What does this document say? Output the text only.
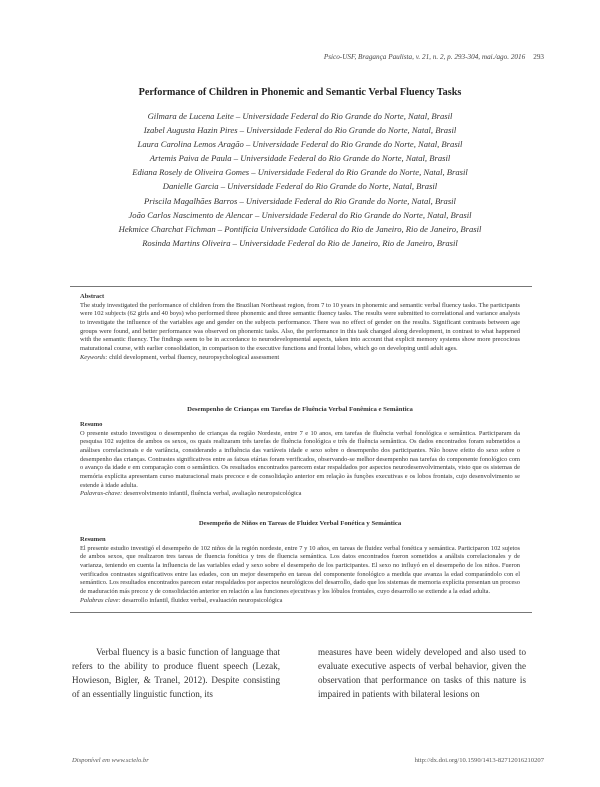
Psico-USF, Bragança Paulista, v. 21, n. 2, p. 293-304, mai./ago. 2016 293
Performance of Children in Phonemic and Semantic Verbal Fluency Tasks
Gilmara de Lucena Leite – Universidade Federal do Rio Grande do Norte, Natal, Brasil
Izabel Augusta Hazin Pires – Universidade Federal do Rio Grande do Norte, Natal, Brasil
Laura Carolina Lemos Aragão – Universidade Federal do Rio Grande do Norte, Natal, Brasil
Artemis Paiva de Paula – Universidade Federal do Rio Grande do Norte, Natal, Brasil
Ediana Rosely de Oliveira Gomes – Universidade Federal do Rio Grande do Norte, Natal, Brasil
Danielle Garcia – Universidade Federal do Rio Grande do Norte, Natal, Brasil
Priscila Magalhães Barros – Universidade Federal do Rio Grande do Norte, Natal, Brasil
João Carlos Nascimento de Alencar – Universidade Federal do Rio Grande do Norte, Natal, Brasil
Hekmice Charchat Fichman – Pontifícia Universidade Católica do Rio de Janeiro, Rio de Janeiro, Brasil
Rosinda Martins Oliveira – Universidade Federal do Rio de Janeiro, Rio de Janeiro, Brasil
Abstract

The study investigated the performance of children from the Brazilian Northeast region, from 7 to 10 years in phonemic and semantic verbal fluency tasks. The participants were 102 subjects (62 girls and 40 boys) who performed three phonemic and three semantic fluency tasks. The results were submitted to correlational and variance analysis to investigate the influence of the variables age and gender on the subjects performance. There was no effect of gender on the results. Significant contrasts between age groups were found, and better performance was observed on phonemic tasks. Also, the performance in this task changed along development, in contrast to what happened with the semantic fluency. The findings seem to be in accordance to neurodevelopmental aspects, taken into account that explicit memory systems show more precocious maturational course, with earlier consolidation, in comparison to the executive functions and frontal lobes, which go on developing until adult ages.
Keywords: child development, verbal fluency, neuropsychological assessment

Desempenho de Crianças em Tarefas de Fluência Verbal Fonêmica e Semântica
Resumo

O presente estudo investigou o desempenho de crianças da região Nordeste, entre 7 e 10 anos, em tarefas de fluência verbal fonológica e semântica. Participaram da pesquisa 102 sujeitos de ambos os sexos, os quais realizaram três tarefas de fluência fonológica e três de fluência semântica. Os dados encontrados foram submetidos a análises correlacionais e de variância, considerando a influência das variáveis idade e sexo sobre o desempenho dos participantes. Não houve efeito do sexo sobre o desempenho das crianças. Contrastes significativos entre as faixas etárias foram verificados, observando-se melhor desempenho nas tarefas do componente fonológico com o avanço da idade e em comparação com o semântico. Os resultados encontrados parecem estar respaldados por aspectos neurodesenvolvimentais, visto que os sistemas de memória explícita apresentam curso maturacional mais precoce e de consolidação anterior em relação às funções executivas e os lobos frontais, cujo desenvolvimento se estende à idade adulta.
Palavras-chave: desenvolvimento infantil, fluência verbal, avaliação neuropsicológica

Desempeño de Niños en Tareas de Fluidez Verbal Fonética y Semántica
Resumen

El presente estudio investigó el desempeño de 102 niños de la región nordeste, entre 7 y 10 años, en tareas de fluidez verbal fonética y semántica. Participaron 102 sujetos de ambos sexos, que realizaron tres tareas de fluencia fonética y tres de fluencia semántica. Los datos encontrados fueron sometidos a análisis correlacionales y de varianza, teniendo en cuenta la influencia de las variables edad y sexo sobre el desempeño de los participantes. El sexo no influyó en el desempeño de los niños. Fueron verificados contrastes significativos entre las edades, con un mejor desempeño en tareas del componente fonológico a medida que avanza la edad comparándolo con el semántico. Los resultados encontrados parecen estar respaldados por aspectos neurológicos del desarrollo, dado que los sistemas de memoria explícita presentan un proceso de maduración más precoz y de consolidación anterior en relación a las funciones ejecutivas y los lóbulos frontales, cuyo desarrollo se extiende a la edad adulta.
Palabras clave: desarrollo infantil, fluidez verbal, evaluación neuropsicológica

Verbal fluency is a basic function of language that refers to the ability to produce fluent speech (Lezak, Howieson, Bigler, & Tranel, 2012). Despite consisting of an essentially linguistic function, its

measures have been widely developed and also used to evaluate executive aspects of verbal behavior, given the observation that performance on tasks of this nature is impaired in patients with bilateral lesions on

Disponível em www.scielo.br	http://dx.doi.org/10.1590/1413-82712016210207
